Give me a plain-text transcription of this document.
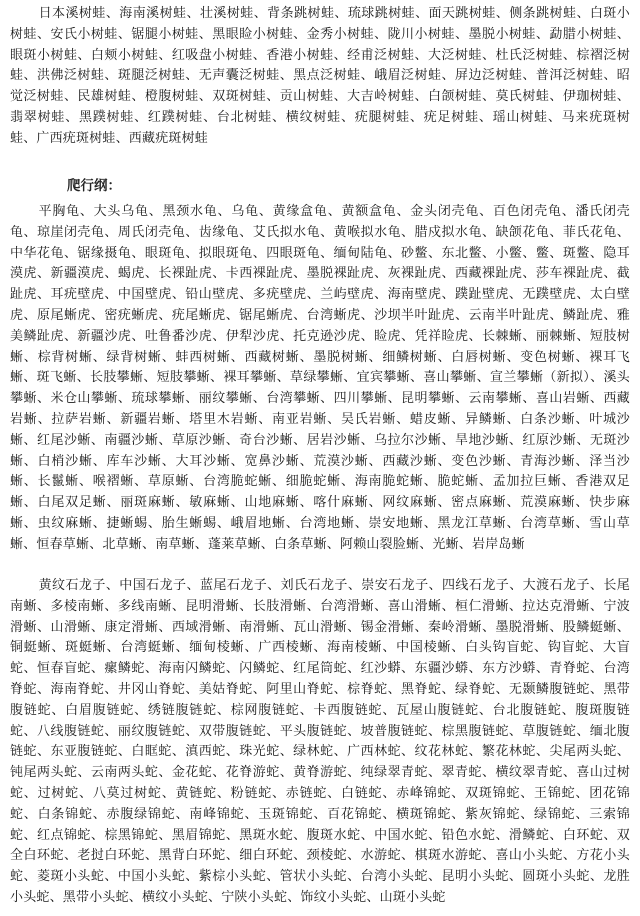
日本溪树蛙、海南溪树蛙、壮溪树蛙、背条跳树蛙、琉球跳树蛙、面天跳树蛙、侧条跳树蛙、白斑小树蛙、安氏小树蛙、锯腿小树蛙、黑眼睑小树蛙、金秀小树蛙、陇川小树蛙、墨脱小树蛙、勐腊小树蛙、眼斑小树蛙、白颊小树蛙、红吸盘小树蛙、香港小树蛙、经甫泛树蛙、大泛树蛙、杜氏泛树蛙、棕褶泛树蛙、洪佛泛树蛙、斑腿泛树蛙、无声囊泛树蛙、黑点泛树蛙、峨眉泛树蛙、屏边泛树蛙、普洱泛树蛙、昭觉泛树蛙、民雄树蛙、橙腹树蛙、双斑树蛙、贡山树蛙、大吉岭树蛙、白颌树蛙、莫氏树蛙、伊珈树蛙、翡翠树蛙、黑蹼树蛙、红蹼树蛙、台北树蛙、横纹树蛙、疣腿树蛙、疣足树蛙、瑶山树蛙、马来疣斑树蛙、广西疣斑树蛙、西藏疣斑树蛙

爬行纲：

平胸龟、大头乌龟、黑颈水龟、乌龟、黄缘盒龟、黄额盒龟、金头闭壳龟、百色闭壳龟、潘氏闭壳龟、琼崖闭壳龟、周氏闭壳龟、齿缘龟、艾氏拟水龟、黄喉拟水龟、腊戍拟水龟、缺颌花龟、菲氏花龟、中华花龟、锯缘摄龟、眼斑龟、拟眼斑龟、四眼斑龟、缅甸陆龟、砂鳖、东北鳖、小鳖、鳖、斑鳖、隐耳漠虎、新疆漠虎、蝎虎、长裸趾虎、卡西裸趾虎、墨脱裸趾虎、灰裸趾虎、西藏裸趾虎、莎车裸趾虎、截趾虎、耳疣壁虎、中国壁虎、铅山壁虎、多疣壁虎、兰屿壁虎、海南壁虎、蹼趾壁虎、无蹼壁虎、太白壁虎、原尾蜥虎、密疣蜥虎、疣尾蜥虎、锯尾蜥虎、台湾蜥虎、沙坝半叶趾虎、云南半叶趾虎、鳞趾虎、雅美鳞趾虎、新疆沙虎、吐鲁番沙虎、伊犁沙虎、托克逊沙虎、睑虎、凭祥睑虎、长棘蜥、丽棘蜥、短肢树蜥、棕背树蜥、绿背树蜥、蚌西树蜥、西藏树蜥、墨脱树蜥、细鳞树蜥、白唇树蜥、变色树蜥、裸耳飞蜥、斑飞蜥、长肢攀蜥、短肢攀蜥、裸耳攀蜥、草绿攀蜥、宜宾攀蜥、喜山攀蜥、宣兰攀蜥（新拟）、溪头攀蜥、米仓山攀蜥、琉球攀蜥、丽纹攀蜥、台湾攀蜥、四川攀蜥、昆明攀蜥、云南攀蜥、喜山岩蜥、西藏岩蜥、拉萨岩蜥、新疆岩蜥、塔里木岩蜥、南亚岩蜥、吴氏岩蜥、蜡皮蜥、异鳞蜥、白条沙蜥、叶城沙蜥、红尾沙蜥、南疆沙蜥、草原沙蜥、奇台沙蜥、居岩沙蜥、乌拉尔沙蜥、旱地沙蜥、红原沙蜥、无斑沙蜥、白梢沙蜥、库车沙蜥、大耳沙蜥、宽鼻沙蜥、荒漠沙蜥、西藏沙蜥、变色沙蜥、青海沙蜥、泽当沙蜥、长鬣蜥、喉褶蜥、草原蜥、台湾脆蛇蜥、细脆蛇蜥、海南脆蛇蜥、脆蛇蜥、孟加拉巨蜥、香港双足蜥、白尾双足蜥、丽斑麻蜥、敏麻蜥、山地麻蜥、喀什麻蜥、网纹麻蜥、密点麻蜥、荒漠麻蜥、快步麻蜥、虫纹麻蜥、捷蜥蜴、胎生蜥蜴、峨眉地蜥、台湾地蜥、崇安地蜥、黑龙江草蜥、台湾草蜥、雪山草蜥、恒春草蜥、北草蜥、南草蜥、蓬莱草蜥、白条草蜥、阿赖山裂脸蜥、光蜥、岩岸岛蜥

黄纹石龙子、中国石龙子、蓝尾石龙子、刘氏石龙子、崇安石龙子、四线石龙子、大渡石龙子、长尾南蜥、多棱南蜥、多线南蜥、昆明滑蜥、长肢滑蜥、台湾滑蜥、喜山滑蜥、桓仁滑蜥、拉达克滑蜥、宁波滑蜥、山滑蜥、康定滑蜥、西域滑蜥、南滑蜥、瓦山滑蜥、锡金滑蜥、秦岭滑蜥、墨脱滑蜥、股鳞蜓蜥、铜蜓蜥、斑蜓蜥、台湾蜓蜥、缅甸棱蜥、广西棱蜥、海南棱蜥、中国棱蜥、白头钩盲蛇、钩盲蛇、大盲蛇、恒春盲蛇、瘰鳞蛇、海南闪鳞蛇、闪鳞蛇、红尾筒蛇、红沙蟒、东疆沙蟒、东方沙蟒、青脊蛇、台湾脊蛇、海南脊蛇、井冈山脊蛇、美姑脊蛇、阿里山脊蛇、棕脊蛇、黑脊蛇、绿脊蛇、无颞鳞腹链蛇、黑带腹链蛇、白眉腹链蛇、绣链腹链蛇、棕网腹链蛇、卡西腹链蛇、瓦屋山腹链蛇、台北腹链蛇、腹斑腹链蛇、八线腹链蛇、丽纹腹链蛇、双带腹链蛇、平头腹链蛇、坡普腹链蛇、棕黑腹链蛇、草腹链蛇、缅北腹链蛇、东亚腹链蛇、白眶蛇、滇西蛇、珠光蛇、绿林蛇、广西林蛇、纹花林蛇、繁花林蛇、尖尾两头蛇、钝尾两头蛇、云南两头蛇、金花蛇、花脊游蛇、黄脊游蛇、纯绿翠青蛇、翠青蛇、横纹翠青蛇、喜山过树蛇、过树蛇、八莫过树蛇、黄链蛇、粉链蛇、赤链蛇、白链蛇、赤峰锦蛇、双斑锦蛇、王锦蛇、团花锦蛇、白条锦蛇、赤腹绿锦蛇、南峰锦蛇、玉斑锦蛇、百花锦蛇、横斑锦蛇、紫灰锦蛇、绿锦蛇、三索锦蛇、红点锦蛇、棕黑锦蛇、黑眉锦蛇、黑斑水蛇、腹斑水蛇、中国水蛇、铅色水蛇、滑鳞蛇、白环蛇、双全白环蛇、老挝白环蛇、黑背白环蛇、细白环蛇、颈棱蛇、水游蛇、棋斑水游蛇、喜山小头蛇、方花小头蛇、菱斑小头蛇、中国小头蛇、紫棕小头蛇、管状小头蛇、台湾小头蛇、昆明小头蛇、圆斑小头蛇、龙胜小头蛇、黑带小头蛇、横纹小头蛇、宁陕小头蛇、饰纹小头蛇、山斑小头蛇
